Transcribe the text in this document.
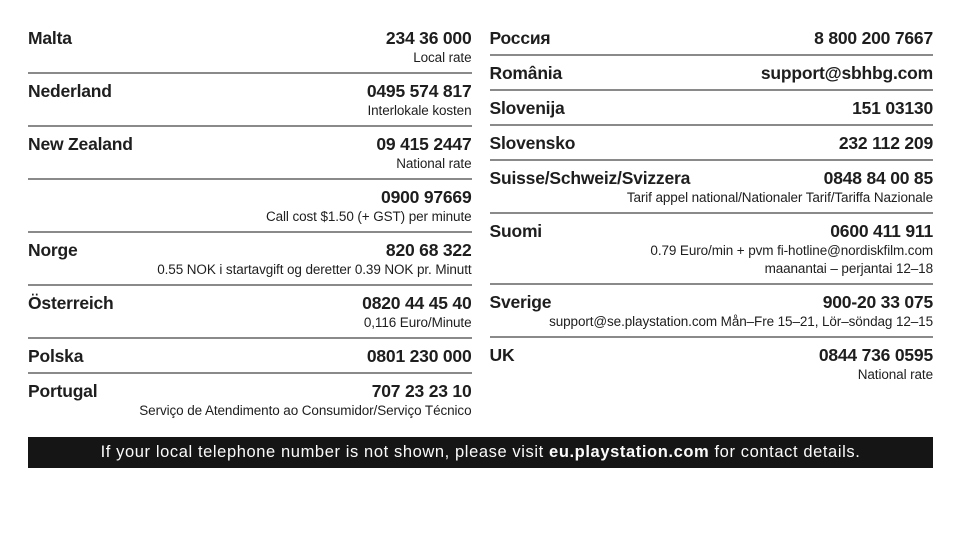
Malta	234 36 000
Local rate
Nederland	0495 574 817
Interlokale kosten
New Zealand	09 415 2447
National rate
0900 97669
Call cost $1.50 (+ GST) per minute
Norge	820 68 322
0.55 NOK i startavgift og deretter 0.39 NOK pr. Minutt
Österreich	0820 44 45 40
0,116 Euro/Minute
Polska	0801 230 000
Portugal	707 23 23 10
Serviço de Atendimento ao Consumidor/Serviço Técnico
Россия	8 800 200 7667
România	support@sbhbg.com
Slovenija	151 03130
Slovensko	232 112 209
Suisse/Schweiz/Svizzera	0848 84 00 85
Tarif appel national/Nationaler Tarif/Tariffa Nazionale
Suomi	0600 411 911
0.79 Euro/min + pvm fi-hotline@nordiskfilm.com
maanantai – perjantai 12–18
Sverige	900-20 33 075
support@se.playstation.com Mån–Fre 15–21, Lör–söndag 12–15
UK	0844 736 0595
National rate
If your local telephone number is not shown, please visit eu.playstation.com for contact details.
